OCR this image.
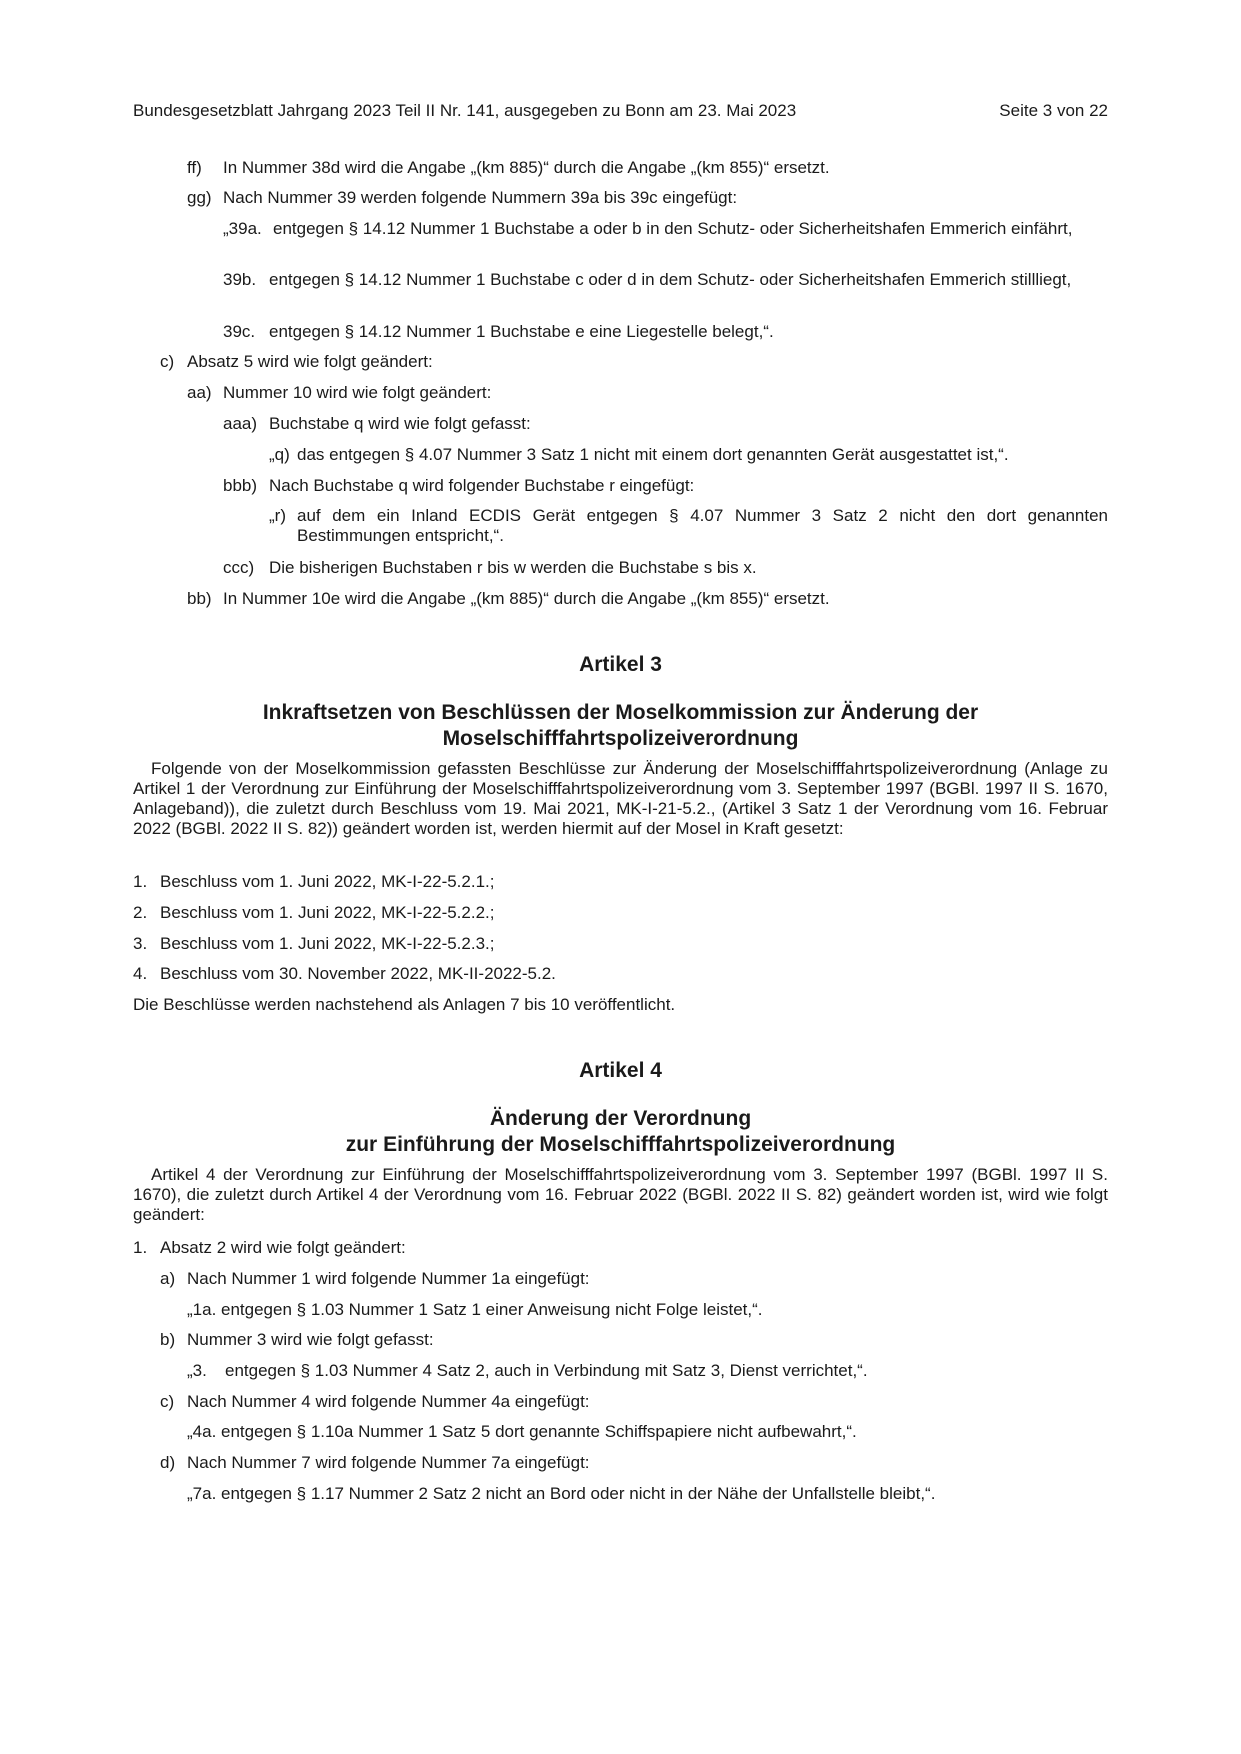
Bundesgesetzblatt Jahrgang 2023 Teil II Nr. 141, ausgegeben zu Bonn am 23. Mai 2023	Seite 3 von 22
ff) In Nummer 38d wird die Angabe „(km 885)“ durch die Angabe „(km 855)“ ersetzt.
gg) Nach Nummer 39 werden folgende Nummern 39a bis 39c eingefügt:
„39a. entgegen § 14.12 Nummer 1 Buchstabe a oder b in den Schutz- oder Sicherheitshafen Emmerich einfährt,
39b. entgegen § 14.12 Nummer 1 Buchstabe c oder d in dem Schutz- oder Sicherheitshafen Emmerich stillliegt,
39c. entgegen § 14.12 Nummer 1 Buchstabe e eine Liegestelle belegt,“.
c) Absatz 5 wird wie folgt geändert:
aa) Nummer 10 wird wie folgt geändert:
aaa) Buchstabe q wird wie folgt gefasst:
„q) das entgegen § 4.07 Nummer 3 Satz 1 nicht mit einem dort genannten Gerät ausgestattet ist,“.
bbb) Nach Buchstabe q wird folgender Buchstabe r eingefügt:
„r) auf dem ein Inland ECDIS Gerät entgegen § 4.07 Nummer 3 Satz 2 nicht den dort genannten Bestimmungen entspricht,“.
ccc) Die bisherigen Buchstaben r bis w werden die Buchstabe s bis x.
bb) In Nummer 10e wird die Angabe „(km 885)“ durch die Angabe „(km 855)“ ersetzt.
Artikel 3
Inkraftsetzen von Beschlüssen der Moselkommission zur Änderung der Moselschifffahrtspolizeiverordnung
Folgende von der Moselkommission gefassten Beschlüsse zur Änderung der Moselschifffahrtspolizeiverordnung (Anlage zu Artikel 1 der Verordnung zur Einführung der Moselschifffahrtspolizeiverordnung vom 3. September 1997 (BGBl. 1997 II S. 1670, Anlageband)), die zuletzt durch Beschluss vom 19. Mai 2021, MK-I-21-5.2., (Artikel 3 Satz 1 der Verordnung vom 16. Februar 2022 (BGBl. 2022 II S. 82)) geändert worden ist, werden hiermit auf der Mosel in Kraft gesetzt:
1. Beschluss vom 1. Juni 2022, MK-I-22-5.2.1.;
2. Beschluss vom 1. Juni 2022, MK-I-22-5.2.2.;
3. Beschluss vom 1. Juni 2022, MK-I-22-5.2.3.;
4. Beschluss vom 30. November 2022, MK-II-2022-5.2.
Die Beschlüsse werden nachstehend als Anlagen 7 bis 10 veröffentlicht.
Artikel 4
Änderung der Verordnung
zur Einführung der Moselschifffahrtspolizeiverordnung
Artikel 4 der Verordnung zur Einführung der Moselschifffahrtspolizeiverordnung vom 3. September 1997 (BGBl. 1997 II S. 1670), die zuletzt durch Artikel 4 der Verordnung vom 16. Februar 2022 (BGBl. 2022 II S. 82) geändert worden ist, wird wie folgt geändert:
1. Absatz 2 wird wie folgt geändert:
a) Nach Nummer 1 wird folgende Nummer 1a eingefügt:
„1a. entgegen § 1.03 Nummer 1 Satz 1 einer Anweisung nicht Folge leistet,“.
b) Nummer 3 wird wie folgt gefasst:
„3. entgegen § 1.03 Nummer 4 Satz 2, auch in Verbindung mit Satz 3, Dienst verrichtet,“.
c) Nach Nummer 4 wird folgende Nummer 4a eingefügt:
„4a. entgegen § 1.10a Nummer 1 Satz 5 dort genannte Schiffspapiere nicht aufbewahrt,“.
d) Nach Nummer 7 wird folgende Nummer 7a eingefügt:
„7a. entgegen § 1.17 Nummer 2 Satz 2 nicht an Bord oder nicht in der Nähe der Unfallstelle bleibt,“.
